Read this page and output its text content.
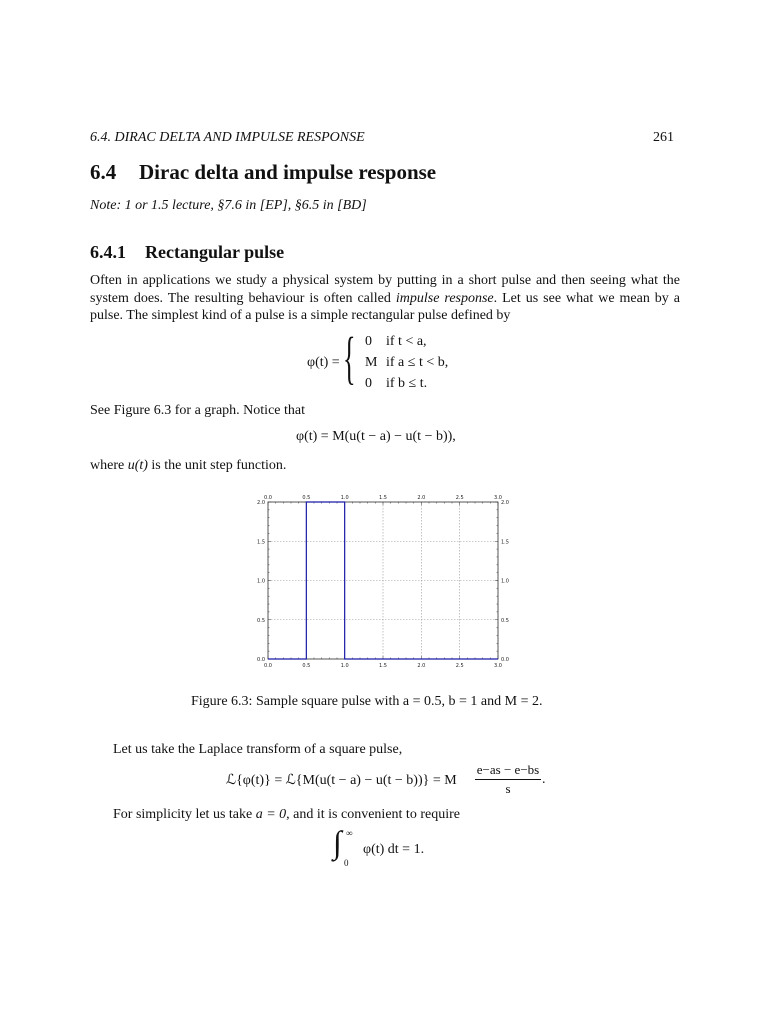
6.4. DIRAC DELTA AND IMPULSE RESPONSE	261
6.4 Dirac delta and impulse response
Note: 1 or 1.5 lecture, §7.6 in [EP], §6.5 in [BD]
6.4.1 Rectangular pulse
Often in applications we study a physical system by putting in a short pulse and then seeing what the system does. The resulting behaviour is often called impulse response. Let us see what we mean by a pulse. The simplest kind of a pulse is a simple rectangular pulse defined by
φ(t) = { 0 if t < a,
M if a ≤ t < b,
0 if b ≤ t.
See Figure 6.3 for a graph. Notice that
φ(t) = M(u(t − a) − u(t − b)),
where u(t) is the unit step function.
0.0
0.0
0.5
0.5
1.0
1.0
1.5
1.5
2.0
2.0
2.5
2.5
3.0
3.0
0.0	0.0
0.5	0.5
1.0	1.0
1.5	1.5
2.0	2.0
Figure 6.3: Sample square pulse with a = 0.5, b = 1 and M = 2.
Let us take the Laplace transform of a square pulse,
ℒ{φ(t)} = ℒ{M(u(t − a) − u(t − b))} = M $\frac{e-as - e-bs}{s}$ .
For simplicity let us take a = 0, and it is convenient to require
∫ ∞
0
φ(t) dt = 1.
